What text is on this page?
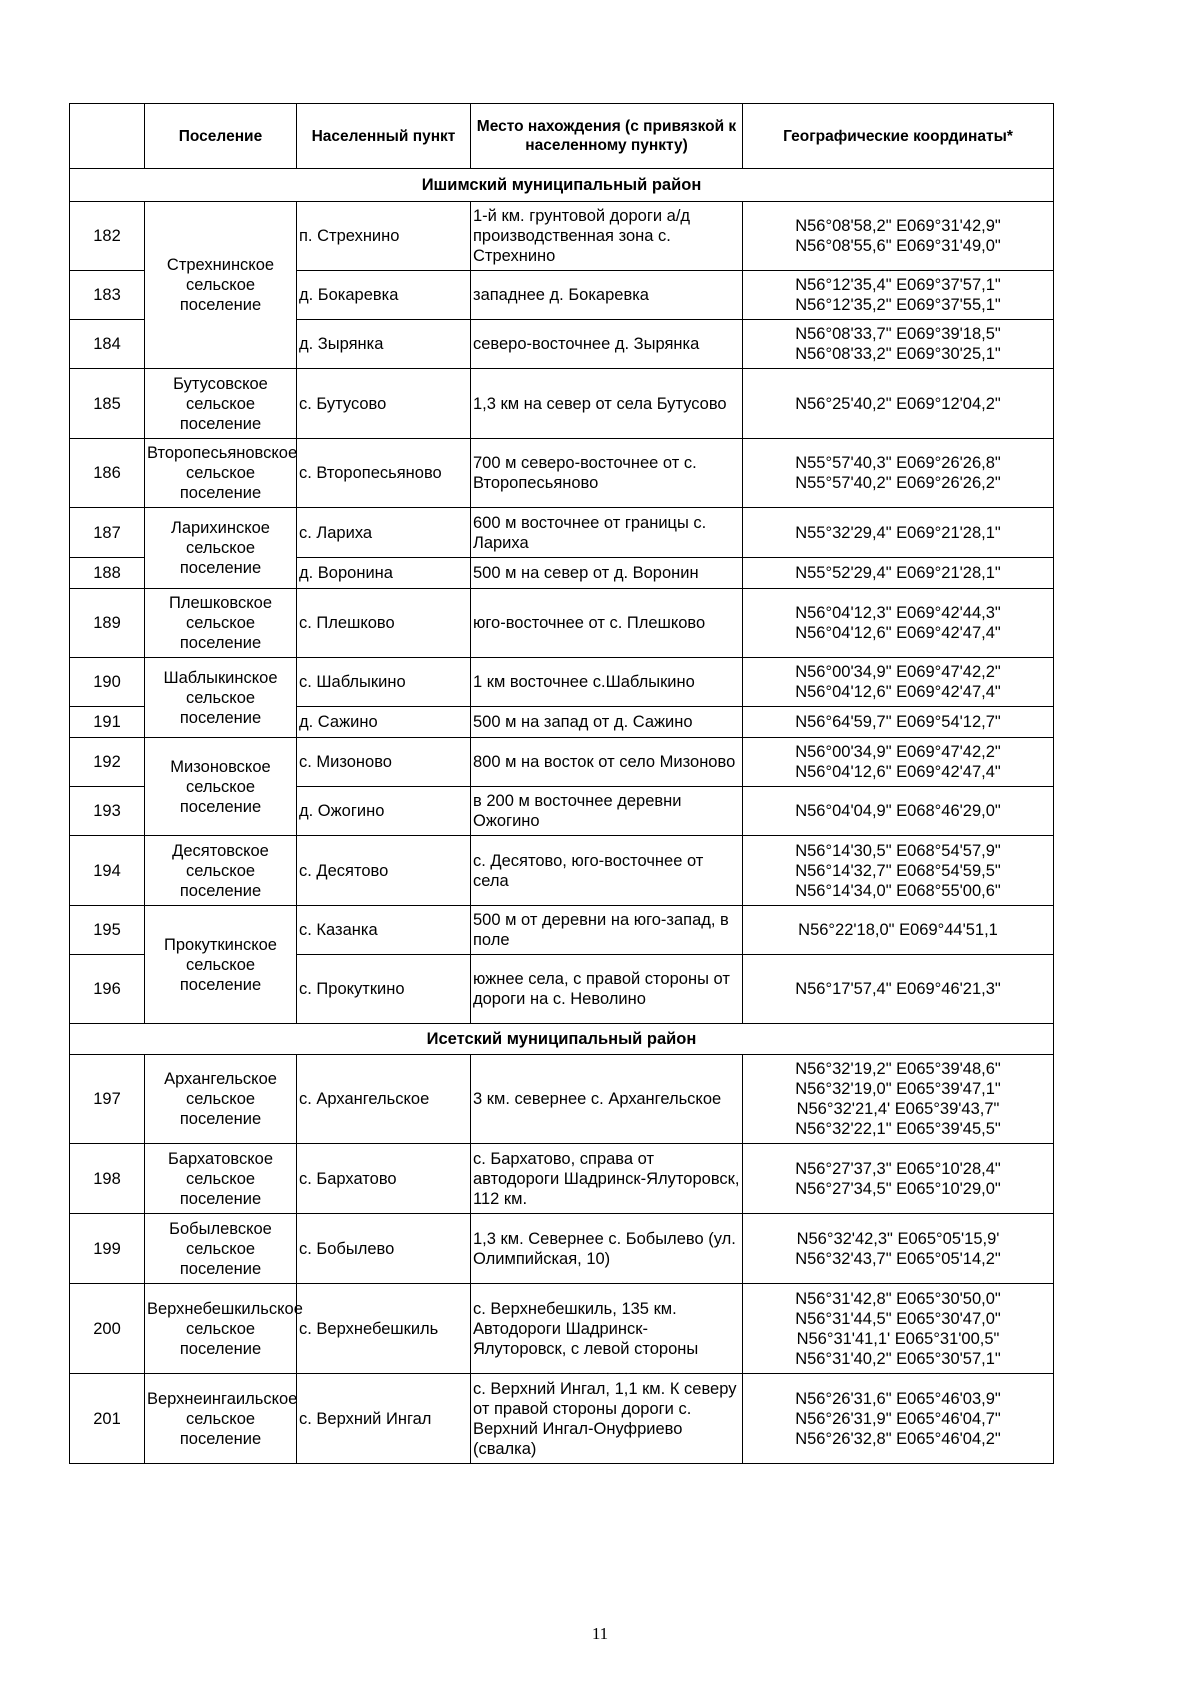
	Поселение	Населенный пункт	Место нахождения (с привязкой к населенному пункту)	Географические координаты*
Ишимский муниципальный район				
182	Стрехнинское сельское поселение	п. Стрехнино	1-й км. грунтовой дороги а/д производственная зона с. Стрехнино	N56°08'58,2" E069°31'42,9"
N56°08'55,6" E069°31'49,0"
183		д. Бокаревка	западнее д. Бокаревка	N56°12'35,4" E069°37'57,1"
N56°12'35,2" E069°37'55,1"
184		д. Зырянка	северо-восточнее д. Зырянка	N56°08'33,7" E069°39'18,5"
N56°08'33,2" E069°30'25,1"
185	Бутусовское сельское поселение	с. Бутусово	1,3 км на север от села Бутусово	N56°25'40,2" E069°12'04,2"
186	Второпесьяновское сельское поселение	с. Второпесьяново	700 м северо-восточнее от с. Второпесьяново	N55°57'40,3" E069°26'26,8"
N55°57'40,2" E069°26'26,2"
187	Ларихинское сельское поселение	с. Лариха	600 м восточнее от границы с. Лариха	N55°32'29,4" E069°21'28,1"
188		д. Воронина	500 м на север от д. Воронин	N55°52'29,4" E069°21'28,1"
189	Плешковское сельское поселение	с. Плешково	юго-восточнее от с. Плешково	N56°04'12,3" E069°42'44,3"
N56°04'12,6" E069°42'47,4"
190	Шаблыкинское сельское поселение	с. Шаблыкино	1 км восточнее с.Шаблыкино	N56°00'34,9" E069°47'42,2"
N56°04'12,6" E069°42'47,4"
191		д. Сажино	500 м на запад от д. Сажино	N56°64'59,7" E069°54'12,7"
192	Мизоновское сельское поселение	с. Мизоново	800 м на восток от село Мизоново	N56°00'34,9" E069°47'42,2"
N56°04'12,6" E069°42'47,4"
193		д. Ожогино	в 200 м восточнее деревни Ожогино	N56°04'04,9" E068°46'29,0"
194	Десятовское сельское поселение	с. Десятово	с. Десятово, юго-восточнее от села	N56°14'30,5" E068°54'57,9"
N56°14'32,7" E068°54'59,5"
N56°14'34,0" E068°55'00,6"
195	Прокуткинское сельское поселение	с. Казанка	500 м от деревни на юго-запад, в поле	N56°22'18,0" E069°44'51,1
196		с. Прокуткино	южнее села, с правой стороны от дороги на с. Неволино	N56°17'57,4" E069°46'21,3"
Исетский муниципальный район				
197	Архангельское сельское поселение	с. Архангельское	3 км. севернее с. Архангельское	N56°32'19,2" E065°39'48,6"
N56°32'19,0" E065°39'47,1"
N56°32'21,4' E065°39'43,7"
N56°32'22,1" E065°39'45,5"
198	Бархатовское сельское поселение	с. Бархатово	с. Бархатово, справа от автодороги Шадринск-Ялуторовск, 112 км.	N56°27'37,3" E065°10'28,4"
N56°27'34,5" E065°10'29,0"
199	Бобылевское сельское поселение	с. Бобылево	1,3 км. Севернее с. Бобылево (ул. Олимпийская, 10)	N56°32'42,3" E065°05'15,9'
N56°32'43,7" E065°05'14,2"
200	Верхнебешкильское сельское поселение	с. Верхнебешкиль	с. Верхнебешкиль, 135 км. Автодороги Шадринск-Ялуторовск, с левой стороны	N56°31'42,8" E065°30'50,0"
N56°31'44,5" E065°30'47,0"
N56°31'41,1' E065°31'00,5"
N56°31'40,2" E065°30'57,1"
201	Верхнеингаильское сельское поселение	с. Верхний Ингал	с. Верхний Ингал, 1,1 км. К северу от правой стороны дороги с. Верхний Ингал-Онуфриево (свалка)	N56°26'31,6" E065°46'03,9"
N56°26'31,9" E065°46'04,7"
N56°26'32,8" E065°46'04,2"
11
